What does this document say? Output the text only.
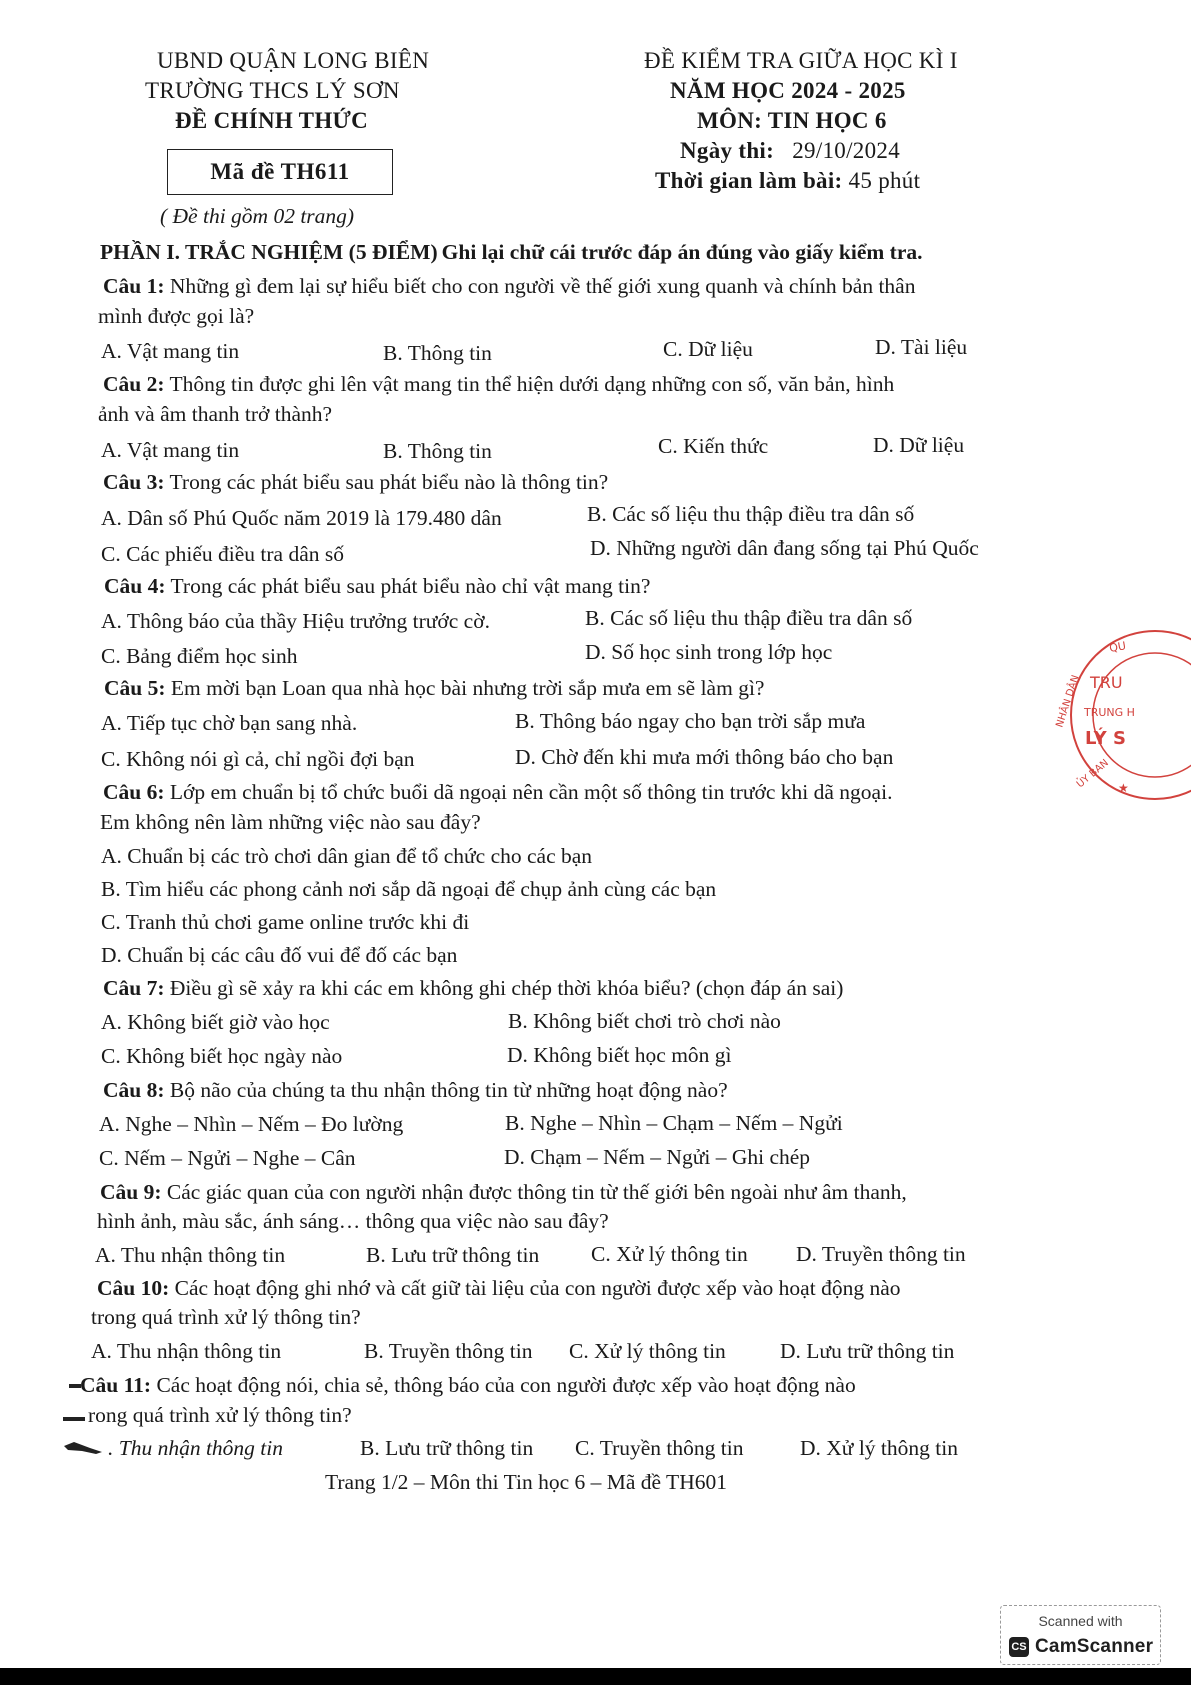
UBND QUẬN LONG BIÊN
TRƯỜNG THCS LÝ SƠN
ĐỀ CHÍNH THỨC
Mã đề TH611
( Đề thi gồm 02 trang)
ĐỀ KIỂM TRA GIỮA HỌC KÌ I
NĂM HỌC 2024 - 2025
MÔN: TIN HỌC 6
Ngày thi: 29/10/2024
Thời gian làm bài: 45 phút
PHẦN I. TRẮC NGHIỆM (5 ĐIỂM) Ghi lại chữ cái trước đáp án đúng vào giấy kiểm tra.
Câu 1: Những gì đem lại sự hiểu biết cho con người về thế giới xung quanh và chính bản thân
mình được gọi là?
A. Vật mang tin	B. Thông tin	C. Dữ liệu	D. Tài liệu
Câu 2: Thông tin được ghi lên vật mang tin thể hiện dưới dạng những con số, văn bản, hình
ảnh và âm thanh trở thành?
A. Vật mang tin	B. Thông tin	C. Kiến thức	D. Dữ liệu
Câu 3: Trong các phát biểu sau phát biểu nào là thông tin?
A. Dân số Phú Quốc năm 2019 là 179.480 dân	B. Các số liệu thu thập điều tra dân số
C. Các phiếu điều tra dân số	D. Những người dân đang sống tại Phú Quốc
Câu 4: Trong các phát biểu sau phát biểu nào chỉ vật mang tin?
A. Thông báo của thầy Hiệu trưởng trước cờ.	B. Các số liệu thu thập điều tra dân số
C. Bảng điểm học sinh	D. Số học sinh trong lớp học
Câu 5: Em mời bạn Loan qua nhà học bài nhưng trời sắp mưa em sẽ làm gì?
A. Tiếp tục chờ bạn sang nhà.	B. Thông báo ngay cho bạn trời sắp mưa
C. Không nói gì cả, chỉ ngồi đợi bạn	D. Chờ đến khi mưa mới thông báo cho bạn
Câu 6: Lớp em chuẩn bị tổ chức buổi dã ngoại nên cần một số thông tin trước khi dã ngoại.
Em không nên làm những việc nào sau đây?
A. Chuẩn bị các trò chơi dân gian để tổ chức cho các bạn
B. Tìm hiểu các phong cảnh nơi sắp dã ngoại để chụp ảnh cùng các bạn
C. Tranh thủ chơi game online trước khi đi
D. Chuẩn bị các câu đố vui để đố các bạn
Câu 7: Điều gì sẽ xảy ra khi các em không ghi chép thời khóa biểu? (chọn đáp án sai)
A. Không biết giờ vào học	B. Không biết chơi trò chơi nào
C. Không biết học ngày nào	D. Không biết học môn gì
Câu 8: Bộ não của chúng ta thu nhận thông tin từ những hoạt động nào?
A. Nghe – Nhìn – Nếm – Đo lường	B. Nghe – Nhìn – Chạm – Nếm – Ngửi
C. Nếm – Ngửi – Nghe – Cân	D. Chạm – Nếm – Ngửi – Ghi chép
Câu 9: Các giác quan của con người nhận được thông tin từ thế giới bên ngoài như âm thanh,
hình ảnh, màu sắc, ánh sáng… thông qua việc nào sau đây?
A. Thu nhận thông tin	B. Lưu trữ thông tin C. Xử lý thông tin D. Truyền thông tin
Câu 10: Các hoạt động ghi nhớ và cất giữ tài liệu của con người được xếp vào hoạt động nào
trong quá trình xử lý thông tin?
A. Thu nhận thông tin	B. Truyền thông tin C. Xử lý thông tin	D. Lưu trữ thông tin
Câu 11: Các hoạt động nói, chia sẻ, thông báo của con người được xếp vào hoạt động nào
rong quá trình xử lý thông tin?
. Thu nhận thông tin	B. Lưu trữ thông tin C. Truyền thông tin	D. Xử lý thông tin
Trang 1/2 – Môn thi Tin học 6 – Mã đề TH601
QU
TRU
TRUNG H
LÝ S
NHÂN DÂN
ỦY BAN ★
Scanned with
CS CamScanner
